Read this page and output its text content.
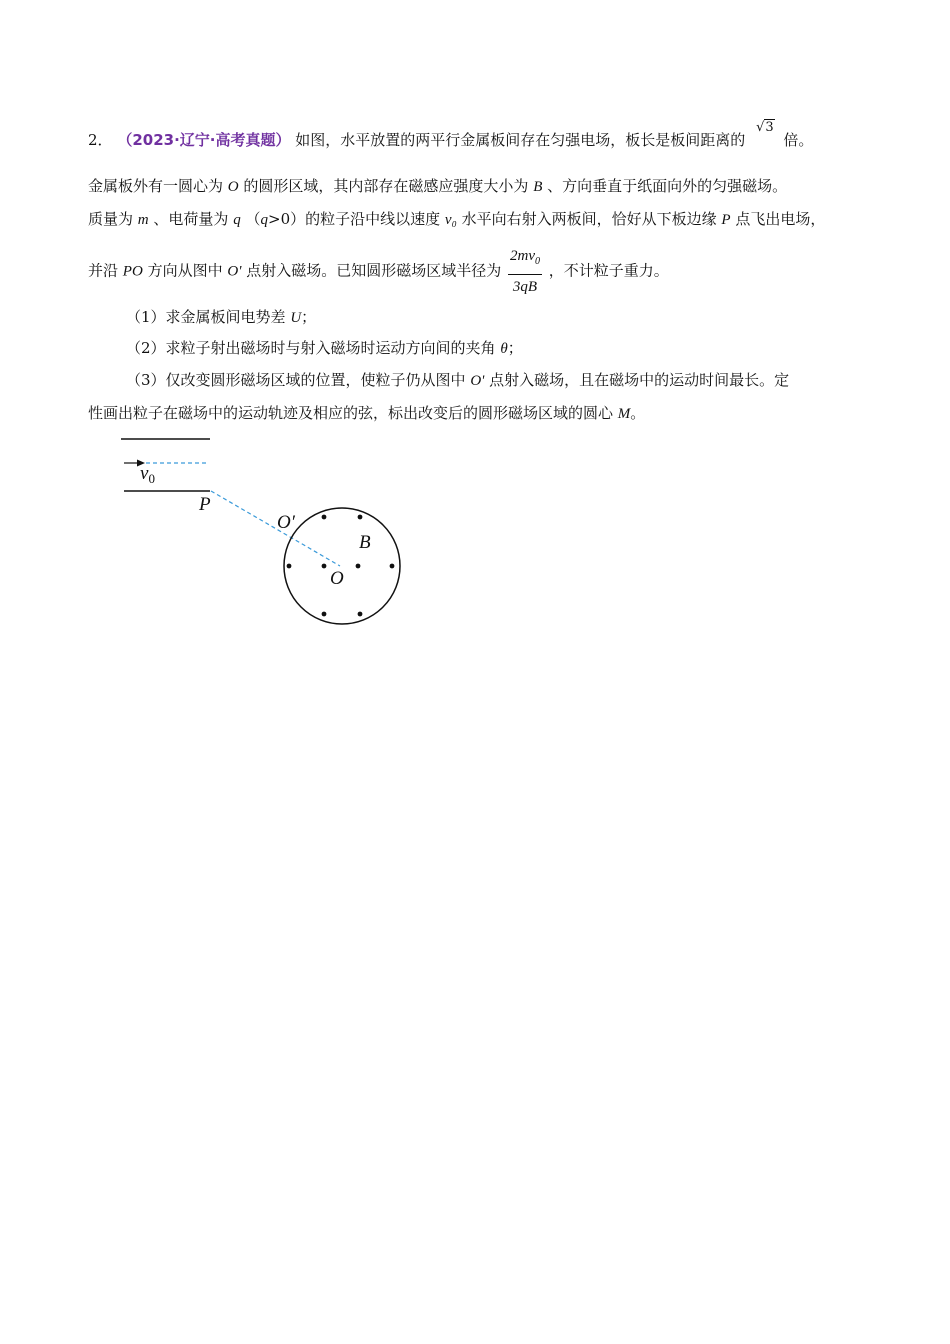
2． （2023·辽宁·高考真题） 如图，水平放置的两平行金属板间存在匀强电场，板长是板间距离的 √3 倍。
金属板外有一圆心为 O 的圆形区域，其内部存在磁感应强度大小为 B 、方向垂直于纸面向外的匀强磁场。
质量为 m 、电荷量为 q （q>0）的粒子沿中线以速度 v₀ 水平向右射入两板间，恰好从下板边缘 P 点飞出电场，
并沿 PO 方向从图中 O' 点射入磁场。已知圆形磁场区域半径为 $\frac{2mv_0}{3qB}$ ，不计粒子重力。
（1）求金属板间电势差 U；
（2）求粒子射出磁场时与射入磁场时运动方向间的夹角 θ；
（3）仅改变圆形磁场区域的位置，使粒子仍从图中 O' 点射入磁场，且在磁场中的运动时间最长。定
性画出粒子在磁场中的运动轨迹及相应的弦，标出改变后的圆形磁场区域的圆心 M。
$v_0$
P
O′
B
O
